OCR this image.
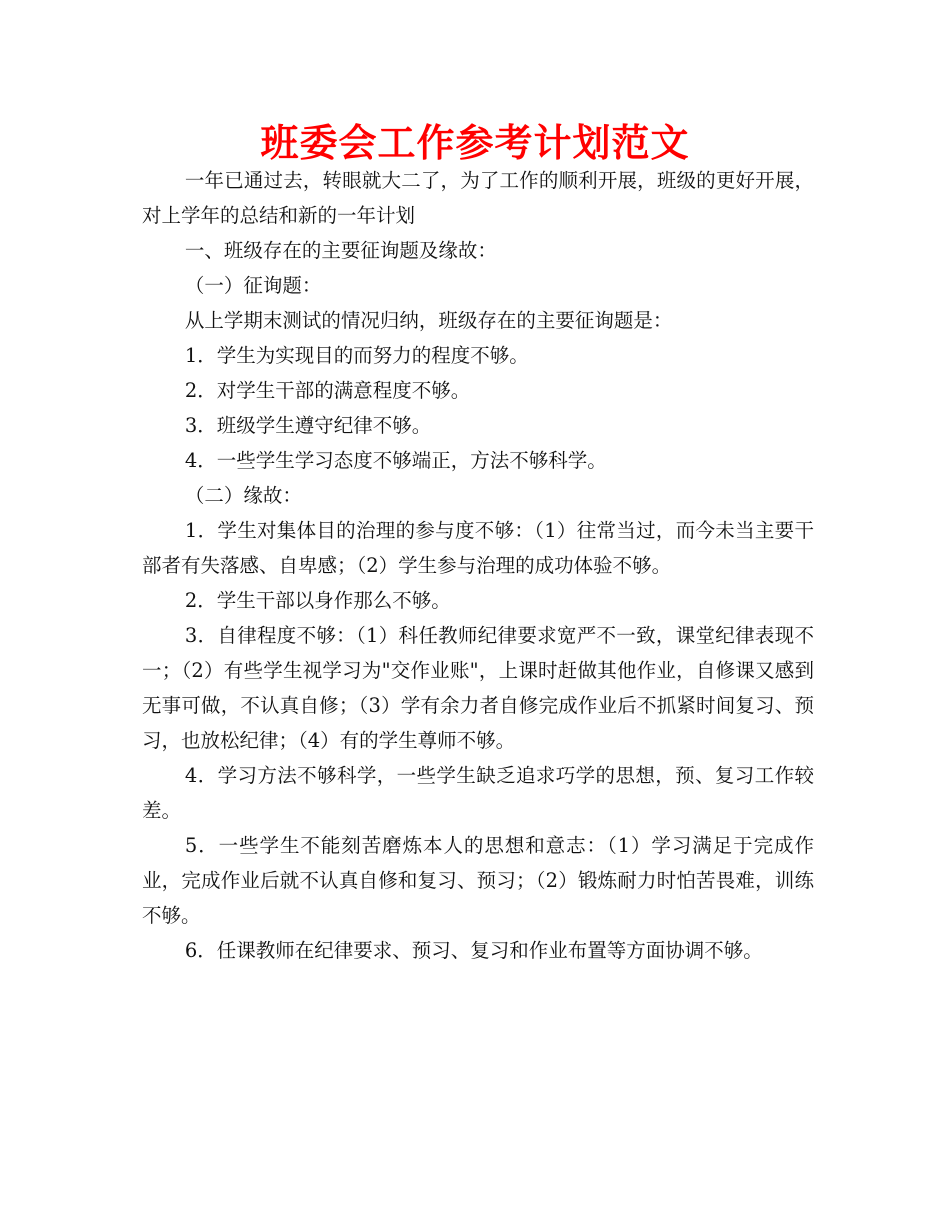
班委会工作参考计划范文

一年已通过去，转眼就大二了，为了工作的顺利开展，班级的更好开展，对上学年的总结和新的一年计划

一、班级存在的主要征询题及缘故：

（一）征询题：

从上学期末测试的情况归纳，班级存在的主要征询题是：

1．学生为实现目的而努力的程度不够。

2．对学生干部的满意程度不够。

3．班级学生遵守纪律不够。

4．一些学生学习态度不够端正，方法不够科学。

（二）缘故：

1．学生对集体目的治理的参与度不够：（1）往常当过，而今未当主要干部者有失落感、自卑感；（2）学生参与治理的成功体验不够。

2．学生干部以身作那么不够。

3．自律程度不够：（1）科任教师纪律要求宽严不一致，课堂纪律表现不一；（2）有些学生视学习为"交作业账"，上课时赶做其他作业，自修课又感到无事可做，不认真自修；（3）学有余力者自修完成作业后不抓紧时间复习、预习，也放松纪律；（4）有的学生尊师不够。

4．学习方法不够科学，一些学生缺乏追求巧学的思想，预、复习工作较差。

5．一些学生不能刻苦磨炼本人的思想和意志：（1）学习满足于完成作业，完成作业后就不认真自修和复习、预习；（2）锻炼耐力时怕苦畏难，训练不够。

6．任课教师在纪律要求、预习、复习和作业布置等方面协调不够。
